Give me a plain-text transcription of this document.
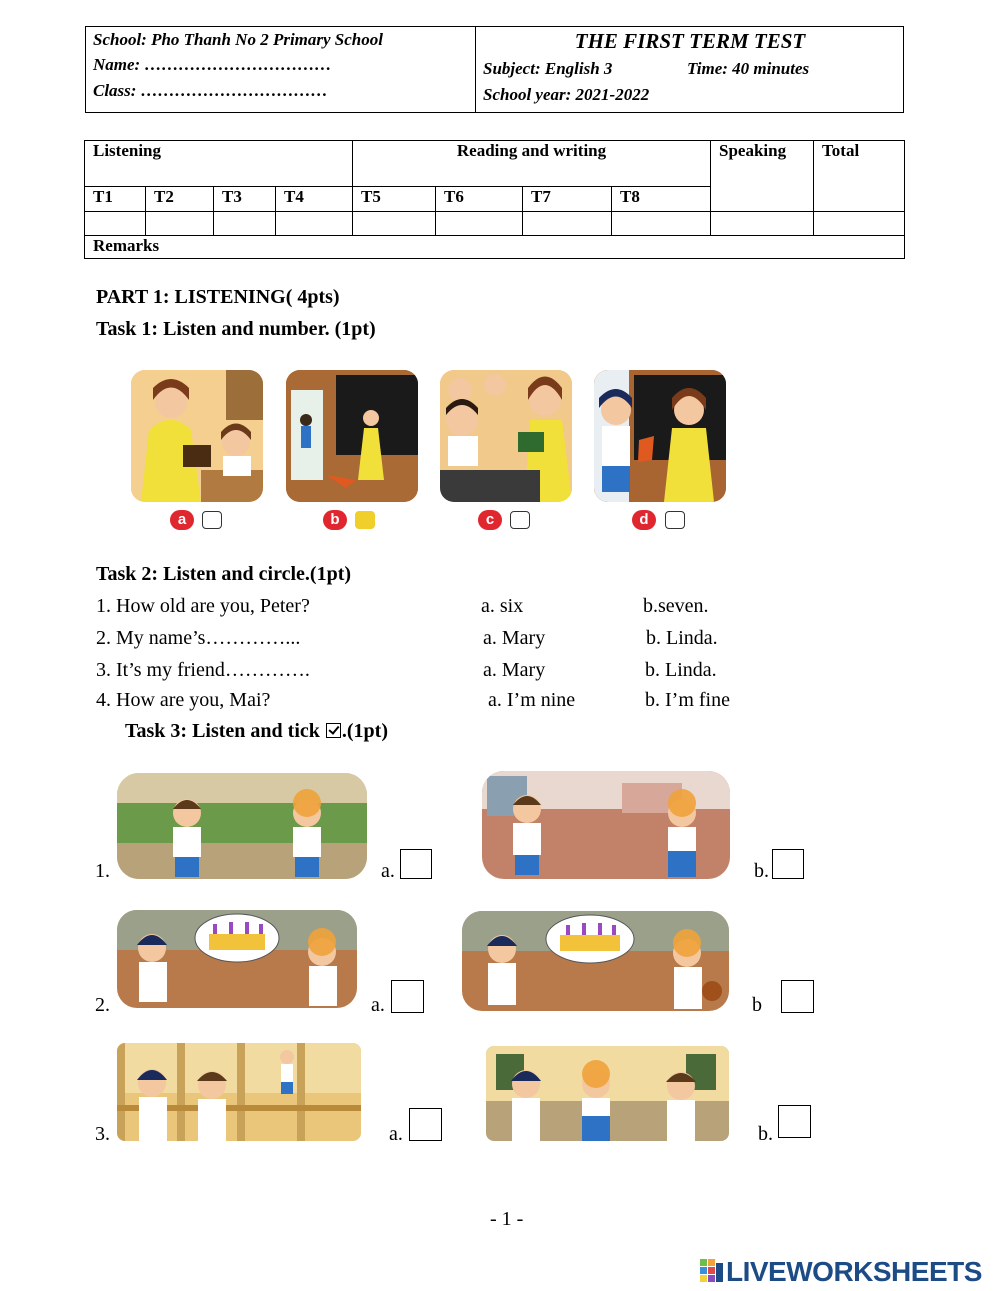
School: Pho Thanh No 2 Primary School
Name: ……………………………
Class: ……………………………
THE FIRST TERM TEST
Subject: English 3	Time: 40 minutes
School year: 2021-2022
Listening				Reading and writing				Speaking	Total
T1	T2	T3	T4	T5	T6	T7	T8		

Remarks									
PART 1: LISTENING( 4pts)
Task 1: Listen and number. (1pt)
a	b	c	d
Task 2: Listen and circle.(1pt)
1. How old are you, Peter?	a. six	b.seven.
2. My name’s…………...	a. Mary	b. Linda.
3. It’s my friend………….	a. Mary	b. Linda.
4. How are you, Mai?	a. I’m nine	b. I’m fine
Task 3: Listen and tick .(1pt)
1.	a.	b.
2.	a.	b
3.	a.	b.
- 1 -
LIVEWORKSHEETS
